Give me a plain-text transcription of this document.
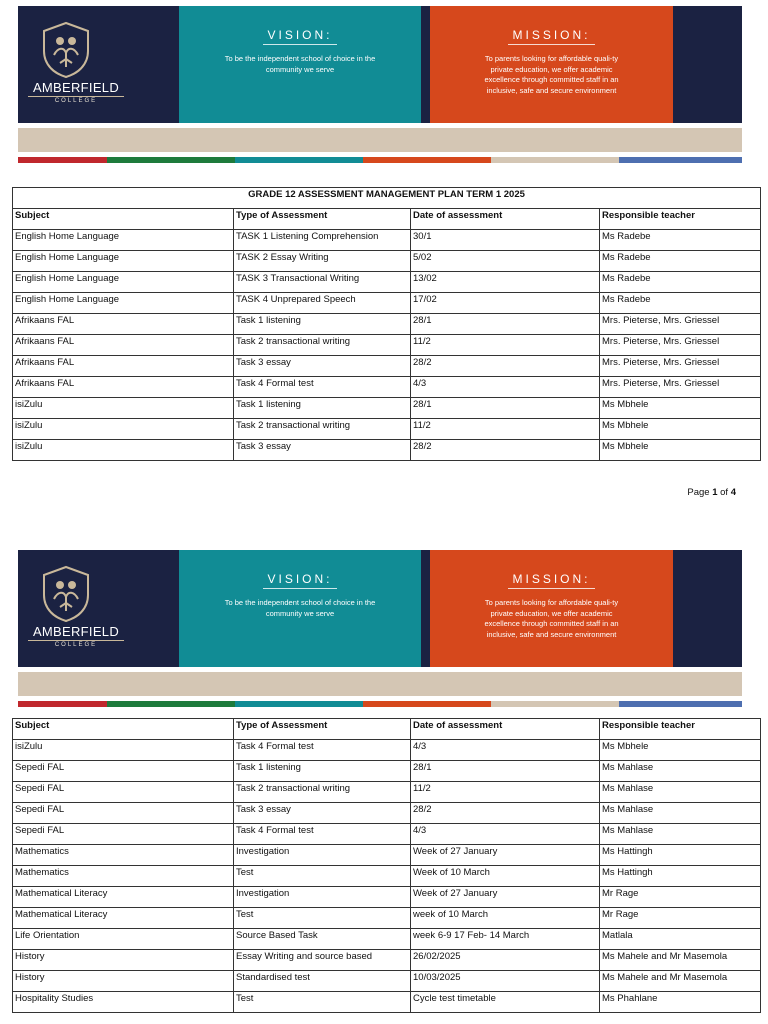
AMBERFIELD
COLLEGE
VISION:
To be the independent school of choice in the community we serve
MISSION:
To parents looking for affordable quali-ty private education, we offer academic excellence through committed staff in an inclusive, safe and secure environment
GRADE 12 ASSESSMENT MANAGEMENT PLAN TERM 1 2025			
Subject	Type of Assessment	Date of assessment	Responsible teacher
English Home Language	TASK 1 Listening Comprehension	30/1	Ms Radebe
English Home Language	TASK 2 Essay Writing	5/02	Ms Radebe
English Home Language	TASK 3 Transactional Writing	13/02	Ms Radebe
English Home Language	TASK 4 Unprepared Speech	17/02	Ms Radebe
Afrikaans FAL	Task 1 listening	28/1	Mrs. Pieterse, Mrs. Griessel
Afrikaans FAL	Task 2 transactional writing	11/2	Mrs. Pieterse, Mrs. Griessel
Afrikaans FAL	Task 3 essay	28/2	Mrs. Pieterse, Mrs. Griessel
Afrikaans FAL	Task 4 Formal test	4/3	Mrs. Pieterse, Mrs. Griessel
isiZulu	Task 1 listening	28/1	Ms Mbhele
isiZulu	Task 2 transactional writing	11/2	Ms Mbhele
isiZulu	Task 3 essay	28/2	Ms Mbhele
Page 1 of 4
AMBERFIELD
COLLEGE
VISION:
To be the independent school of choice in the community we serve
MISSION:
To parents looking for affordable quali-ty private education, we offer academic excellence through committed staff in an inclusive, safe and secure environment
Subject	Type of Assessment	Date of assessment	Responsible teacher
isiZulu	Task 4 Formal test	4/3	Ms Mbhele
Sepedi FAL	Task 1 listening	28/1	Ms Mahlase
Sepedi FAL	Task 2 transactional writing	11/2	Ms Mahlase
Sepedi FAL	Task 3 essay	28/2	Ms Mahlase
Sepedi FAL	Task 4 Formal test	4/3	Ms Mahlase
Mathematics	Investigation	Week of 27 January	Ms Hattingh
Mathematics	Test	Week of 10 March	Ms Hattingh
Mathematical Literacy	Investigation	Week of 27 January	Mr Rage
Mathematical Literacy	Test	week of 10 March	Mr Rage
Life Orientation	Source Based Task	week 6-9 17 Feb- 14 March	Matlala
History	Essay Writing and source based	26/02/2025	Ms Mahele and Mr Masemola
History	Standardised test	10/03/2025	Ms Mahele and Mr Masemola
Hospitality Studies	Test	Cycle test timetable	Ms Phahlane
